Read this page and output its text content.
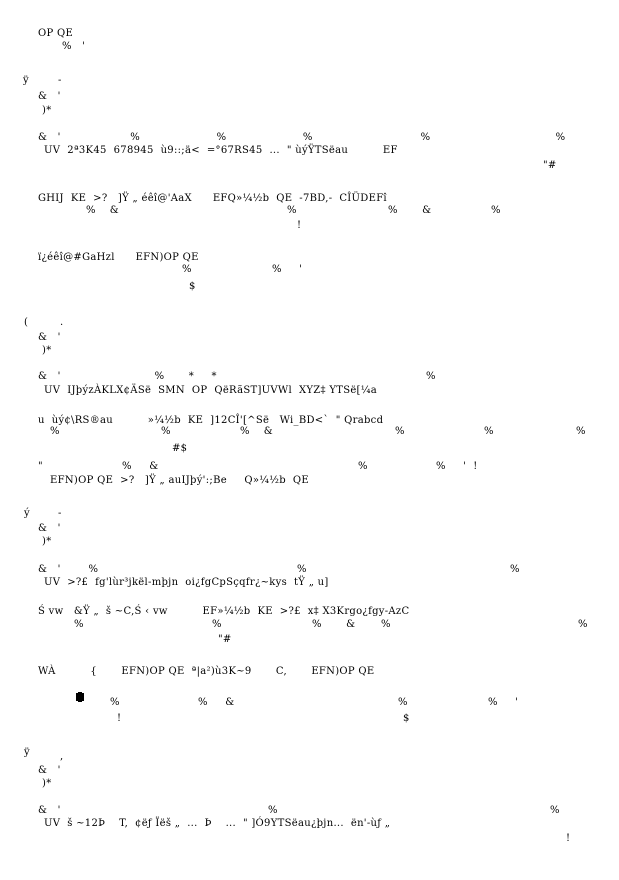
OP QE
%   '
ÿ	-
&   '
)*
&   '                    %                      %                      %                               %                                    %
UV  2ª3K45  678945  ù9::;ä<  =°67RS45  ...  " ùýŸTSëau          EF
"#
GHIJ  KE  >?   ]Ÿ „ éêî@'AaX      EFQ»¼½b  QE  -7BD,-  CÎÜDEFî
%    &	%	%       &	%
!
ï¿éêî@#GaHzl      EFN)OP QE
%	%     '
$
(	.
&   '
)*
&   '                           %       *     *	%
UV  IJþýzÀKLX¢ÄSë  SMN  OP  QëRãST]UVWl  XYZ‡ YTSë[¼a
u  ùý¢\RS®au          »¼½b  KE  ]12CÎ'[^Së   Wi_BD<`  " Qrabcd
%	%	%    &	%	%	%
#$
"	%     &	%	%     '  !
EFN)OP QE  >?   ]Ÿ „ auIJþý':;Be     Q»¼½b  QE
ý	-
&   '
)*
&   '        %	%	%
UV  >?£  fg'lùr³jkël-mþjn  oi¿fgCpSçqfr¿~kys  tŸ „ u]
Ś vw   &Ÿ „  š ~C,Ś ‹ vw          EF»¼½b  KE  >?£  x‡ X3Krgo¿fgy-AzC
%	%	%       &	%	%
"#
WÀ          {       EFN)OP QE  ª|a²)ù3K~9       C,       EFN)OP QE

%	%     &	%	%     '
!	$
ÿ	,
&   '
)*
&   '	%	%
UV  š ~12Þ    T,  ¢ëƒ Ïëš „  ...  Þ    ...  " ]Ó9YTSëau¿þjn...  ën'-ùƒ „
!
